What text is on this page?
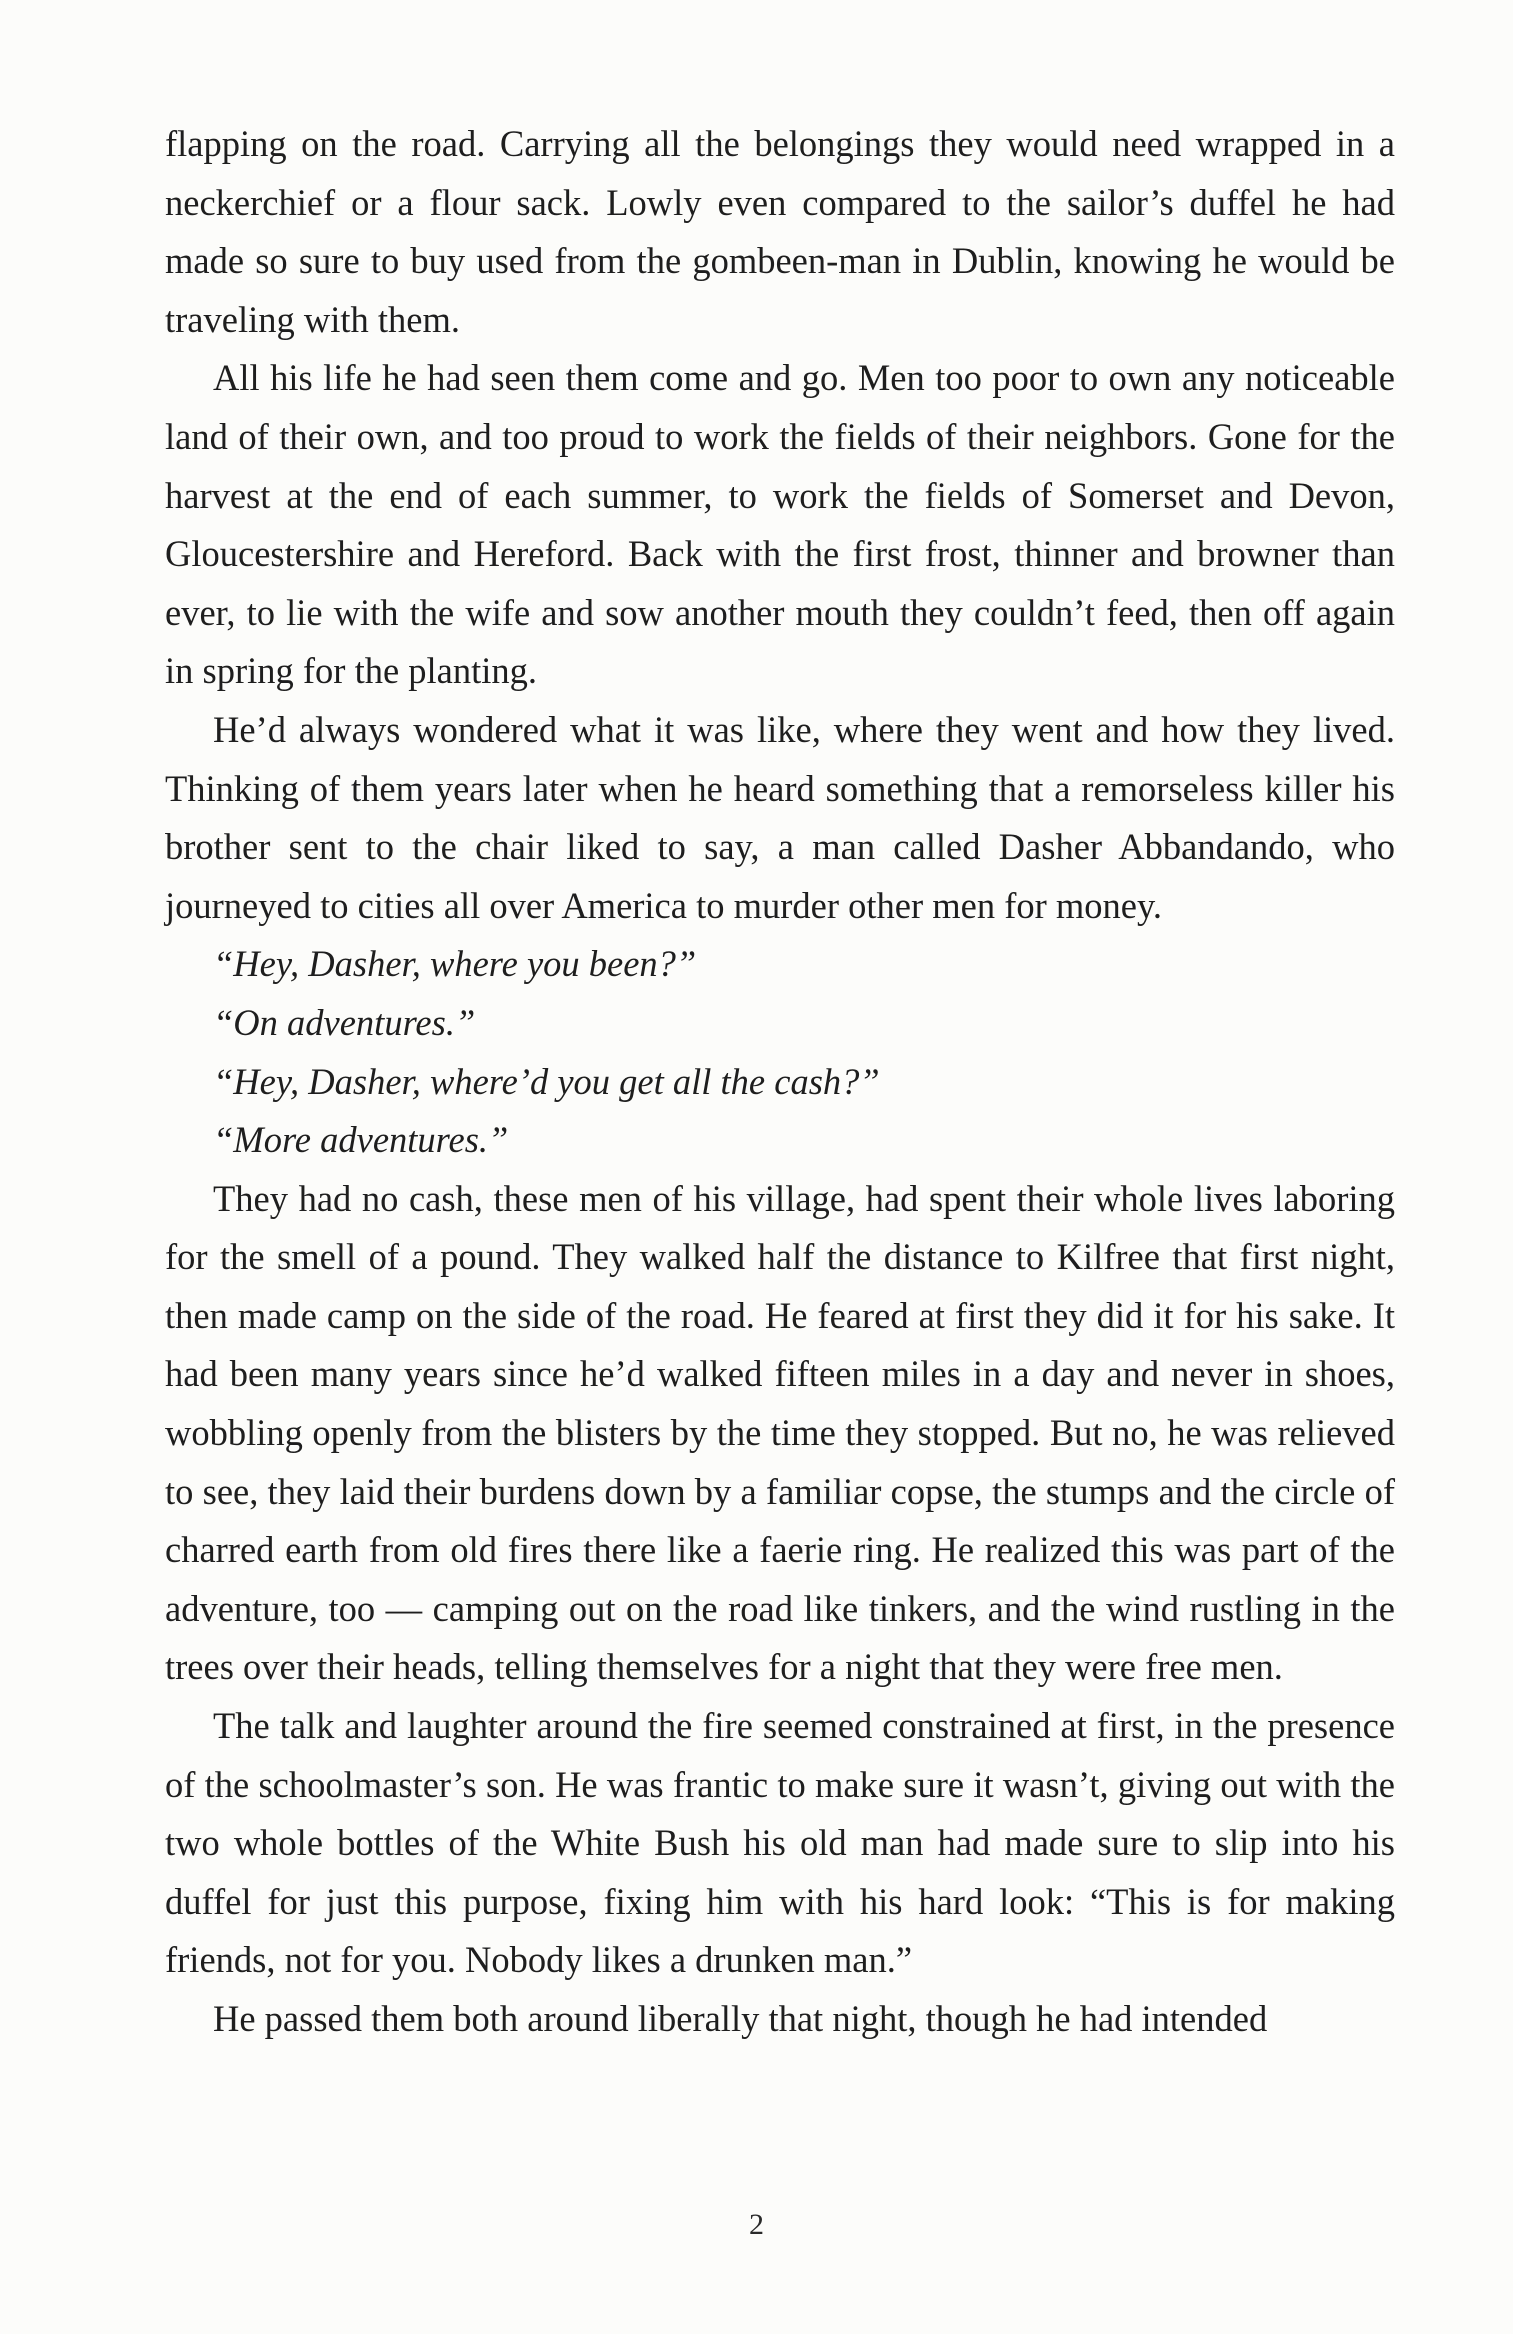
flapping on the road. Carrying all the belongings they would need wrapped in a neckerchief or a flour sack. Lowly even compared to the sailor’s duffel he had made so sure to buy used from the gombeen-man in Dublin, knowing he would be traveling with them.

All his life he had seen them come and go. Men too poor to own any noticeable land of their own, and too proud to work the fields of their neighbors. Gone for the harvest at the end of each summer, to work the fields of Somerset and Devon, Gloucestershire and Hereford. Back with the first frost, thinner and browner than ever, to lie with the wife and sow another mouth they couldn’t feed, then off again in spring for the planting.

He’d always wondered what it was like, where they went and how they lived. Thinking of them years later when he heard something that a remorseless killer his brother sent to the chair liked to say, a man called Dasher Abbandando, who journeyed to cities all over America to murder other men for money.

“Hey, Dasher, where you been?”

“On adventures.”

“Hey, Dasher, where’d you get all the cash?”

“More adventures.”

They had no cash, these men of his village, had spent their whole lives laboring for the smell of a pound. They walked half the distance to Kilfree that first night, then made camp on the side of the road. He feared at first they did it for his sake. It had been many years since he’d walked fifteen miles in a day and never in shoes, wobbling openly from the blisters by the time they stopped. But no, he was relieved to see, they laid their burdens down by a familiar copse, the stumps and the circle of charred earth from old fires there like a faerie ring. He realized this was part of the adventure, too — camping out on the road like tinkers, and the wind rustling in the trees over their heads, telling themselves for a night that they were free men.

The talk and laughter around the fire seemed constrained at first, in the presence of the schoolmaster’s son. He was frantic to make sure it wasn’t, giving out with the two whole bottles of the White Bush his old man had made sure to slip into his duffel for just this purpose, fixing him with his hard look: “This is for making friends, not for you. Nobody likes a drunken man.”

He passed them both around liberally that night, though he had intended

2
